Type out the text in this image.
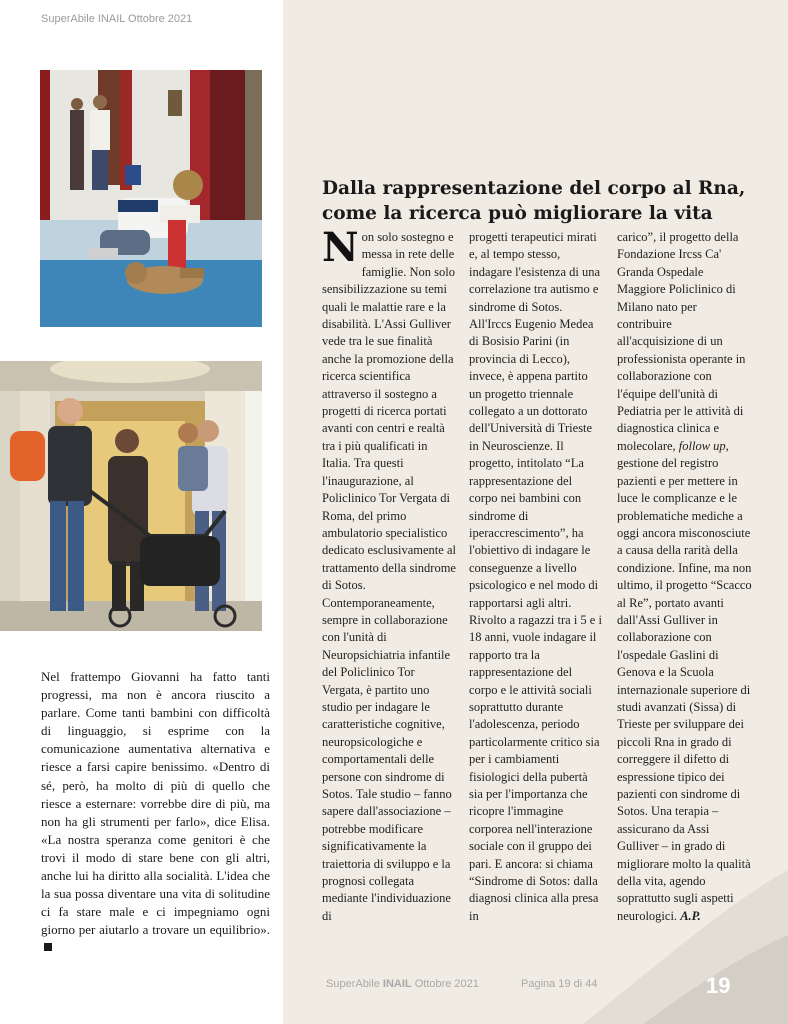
SuperAbile INAIL Ottobre 2021
Nel frattempo Giovanni ha fatto tanti progressi, ma non è ancora riuscito a parlare. Come tanti bambini con difficoltà di linguaggio, si esprime con la comunicazione aumentativa alternativa e riesce a farsi capire benissimo. «Dentro di sé, però, ha molto di più di quello che riesce a esternare: vorrebbe dire di più, ma non ha gli strumenti per farlo», dice Elisa. «La nostra speranza come genitori è che trovi il modo di stare bene con gli altri, anche lui ha diritto alla socialità. L'idea che la sua possa diventare una vita di solitudine ci fa stare male e ci impegniamo ogni giorno per aiutarlo a trovare un equilibrio».
Dalla rappresentazione del corpo al Rna, come la ricerca può migliorare la vita
Non solo sostegno e messa in rete delle famiglie. Non solo sensibilizzazione su temi quali le malattie rare e la disabilità. L'Assi Gulliver vede tra le sue finalità anche la promozione della ricerca scientifica attraverso il sostegno a progetti di ricerca portati avanti con centri e realtà tra i più qualificati in Italia. Tra questi l'inaugurazione, al Policlinico Tor Vergata di Roma, del primo ambulatorio specialistico dedicato esclusivamente al trattamento della sindrome di Sotos. Contemporaneamente, sempre in collaborazione con l'unità di Neuropsichiatria infantile del Policlinico Tor Vergata, è partito uno studio per indagare le caratteristiche cognitive, neuropsicologiche e comportamentali delle persone con sindrome di Sotos. Tale studio – fanno sapere dall'associazione – potrebbe modificare significativamente la traiettoria di sviluppo e la prognosi collegata mediante l'individuazione di
progetti terapeutici mirati e, al tempo stesso, indagare l'esistenza di una correlazione tra autismo e sindrome di Sotos. All'Irccs Eugenio Medea di Bosisio Parini (in provincia di Lecco), invece, è appena partito un progetto triennale collegato a un dottorato dell'Università di Trieste in Neuroscienze. Il progetto, intitolato “La rappresentazione del corpo nei bambini con sindrome di iperaccrescimento”, ha l'obiettivo di indagare le conseguenze a livello psicologico e nel modo di rapportarsi agli altri. Rivolto a ragazzi tra i 5 e i 18 anni, vuole indagare il rapporto tra la rappresentazione del corpo e le attività sociali soprattutto durante l'adolescenza, periodo particolarmente critico sia per i cambiamenti fisiologici della pubertà sia per l'importanza che ricopre l'immagine corporea nell'interazione sociale con il gruppo dei pari. E ancora: si chiama “Sindrome di Sotos: dalla diagnosi clinica alla presa in
carico”, il progetto della Fondazione Ircss Ca' Granda Ospedale Maggiore Policlinico di Milano nato per contribuire all'acquisizione di un professionista operante in collaborazione con l'équipe dell'unità di Pediatria per le attività di diagnostica clinica e molecolare, follow up, gestione del registro pazienti e per mettere in luce le complicanze e le problematiche mediche a oggi ancora misconosciute a causa della rarità della condizione. Infine, ma non ultimo, il progetto “Scacco al Re”, portato avanti dall'Assi Gulliver in collaborazione con l'ospedale Gaslini di Genova e la Scuola internazionale superiore di studi avanzati (Sissa) di Trieste per sviluppare dei piccoli Rna in grado di correggere il difetto di espressione tipico dei pazienti con sindrome di Sotos. Una terapia – assicurano da Assi Gulliver – in grado di migliorare molto la qualità della vita, agendo soprattutto sugli aspetti neurologici. A.P.
SuperAbile INAIL Ottobre 2021	Pagina 19 di 44	19
